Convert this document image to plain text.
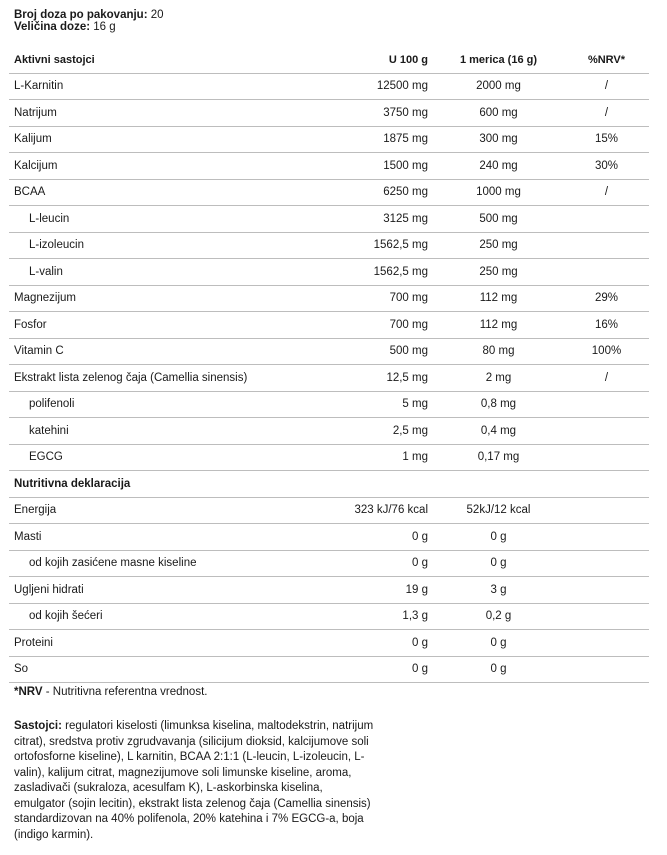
Broj doza po pakovanju: 20
Veličina doze: 16 g
Aktivni sastojci	U 100 g	1 merica (16 g)	%NRV*
L-Karnitin	12500 mg	2000 mg	/
Natrijum	3750 mg	600 mg	/
Kalijum	1875 mg	300 mg	15%
Kalcijum	1500 mg	240 mg	30%
BCAA	6250 mg	1000 mg	/
L-leucin	3125 mg	500 mg	
L-izoleucin	1562,5 mg	250 mg	
L-valin	1562,5 mg	250 mg	
Magnezijum	700 mg	112 mg	29%
Fosfor	700 mg	112 mg	16%
Vitamin C	500 mg	80 mg	100%
Ekstrakt lista zelenog čaja (Camellia sinensis)	12,5 mg	2 mg	/
polifenoli	5 mg	0,8 mg	
katehini	2,5 mg	0,4 mg	
EGCG	1 mg	0,17 mg	
Nutritivna deklaracija			
Energija	323 kJ/76 kcal	52kJ/12 kcal	
Masti	0 g	0 g	
od kojih zasićene masne kiseline	0 g	0 g	
Ugljeni hidrati	19 g	3 g	
od kojih šećeri	1,3 g	0,2 g	
Proteini	0 g	0 g	
So	0 g	0 g	
*NRV - Nutritivna referentna vrednost.
Sastojci: regulatori kiselosti (limunksa kiselina, maltodekstrin, natrijum citrat), sredstva protiv zgrudvavanja (silicijum dioksid, kalcijumove soli ortofosforne kiseline), L karnitin, BCAA 2:1:1 (L-leucin, L-izoleucin, L-valin), kalijum citrat, magnezijumove soli limunske kiseline, aroma, zasladivači (sukraloza, acesulfam K), L-askorbinska kiselina, emulgator (sojin lecitin), ekstrakt lista zelenog čaja (Camellia sinensis) standardizovan na 40% polifenola, 20% katehina i 7% EGCG-a, boja (indigo karmin).
